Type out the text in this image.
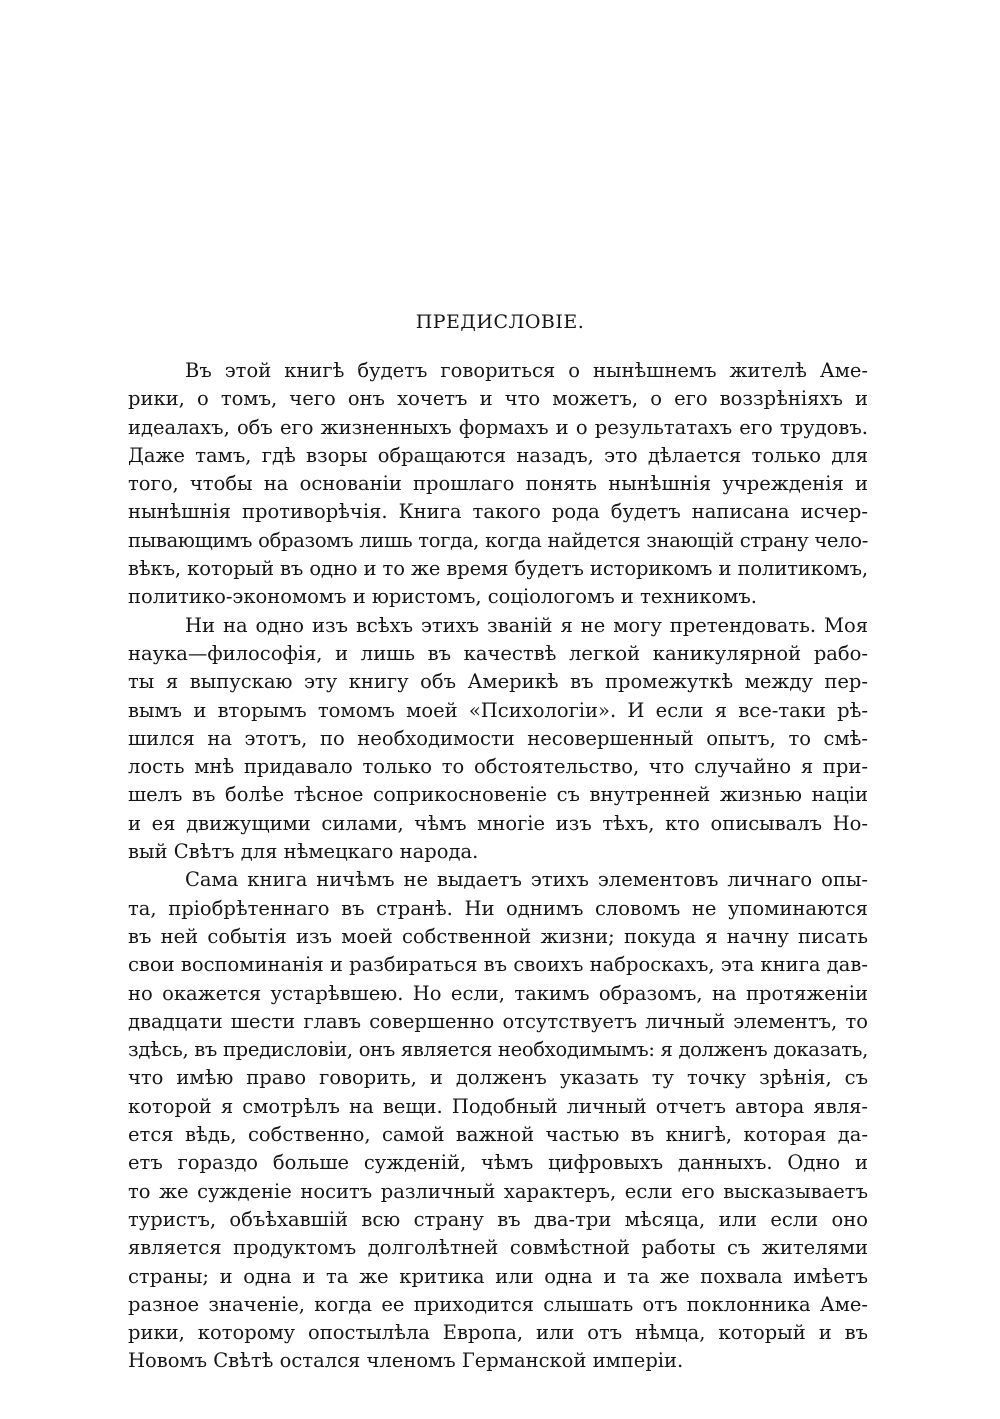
ПРЕДИСЛОВІЕ.
Въ этой книгѣ будетъ говориться о нынѣшнемъ жителѣ Аме-
рики, о томъ, чего онъ хочетъ и что можетъ, о его воззрѣніяхъ и
идеалахъ, объ его жизненныхъ формахъ и о результатахъ его трудовъ.
Даже тамъ, гдѣ взоры обращаются назадъ, это дѣлается только для
того, чтобы на основаніи прошлаго понять нынѣшнія учрежденія и
нынѣшнія противорѣчія. Книга такого рода будетъ написана исчер-
пывающимъ образомъ лишь тогда, когда найдется знающій страну чело-
вѣкъ, который въ одно и то же время будетъ историкомъ и политикомъ,
политико-экономомъ и юристомъ, соціологомъ и техникомъ.
Ни на одно изъ всѣхъ этихъ званій я не могу претендовать. Моя
наука—философія, и лишь въ качествѣ легкой каникулярной рабо-
ты я выпускаю эту книгу объ Америкѣ въ промежуткѣ между пер-
вымъ и вторымъ томомъ моей «Психологіи». И если я все-таки рѣ-
шился на этотъ, по необходимости несовершенный опытъ, то смѣ-
лость мнѣ придавало только то обстоятельство, что случайно я при-
шелъ въ болѣе тѣсное соприкосновеніе съ внутренней жизнью націи
и ея движущими силами, чѣмъ многіе изъ тѣхъ, кто описывалъ Но-
вый Свѣтъ для нѣмецкаго народа.
Сама книга ничѣмъ не выдаетъ этихъ элементовъ личнаго опы-
та, пріобрѣтеннаго въ странѣ. Ни однимъ словомъ не упоминаются
въ ней событія изъ моей собственной жизни; покуда я начну писать
свои воспоминанія и разбираться въ своихъ наброскахъ, эта книга дав-
но окажется устарѣвшею. Но если, такимъ образомъ, на протяженіи
двадцати шести главъ совершенно отсутствуетъ личный элементъ, то
здѣсь, въ предисловіи, онъ является необходимымъ: я долженъ доказать,
что имѣю право говорить, и долженъ указать ту точку зрѣнія, съ
которой я смотрѣлъ на вещи. Подобный личный отчетъ автора явля-
ется вѣдь, собственно, самой важной частью въ книгѣ, которая да-
етъ гораздо больше сужденій, чѣмъ цифровыхъ данныхъ. Одно и
то же сужденіе носитъ различный характеръ, если его высказываетъ
туристъ, объѣхавшій всю страну въ два-три мѣсяца, или если оно
является продуктомъ долголѣтней совмѣстной работы съ жителями
страны; и одна и та же критика или одна и та же похвала имѣетъ
разное значеніе, когда ее приходится слышать отъ поклонника Аме-
рики, которому опостылѣла Европа, или отъ нѣмца, который и въ
Новомъ Свѣтѣ остался членомъ Германской имперіи.
